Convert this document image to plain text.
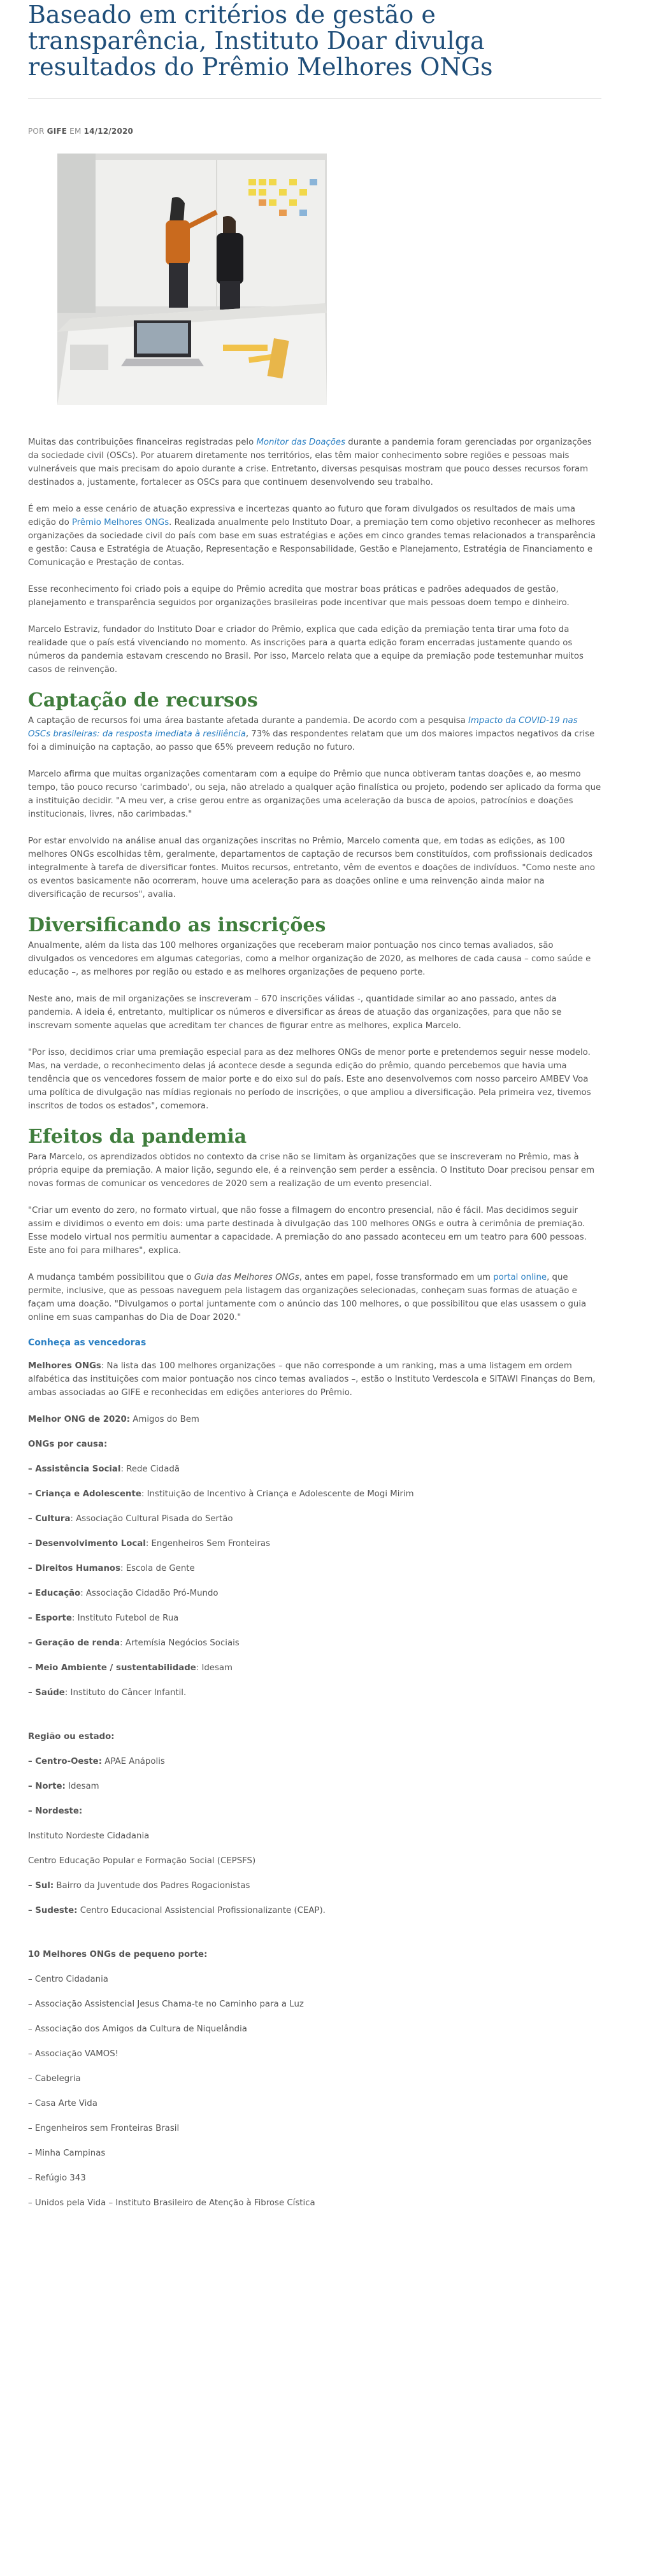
Baseado em critérios de gestão e transparência, Instituto Doar divulga resultados do Prêmio Melhores ONGs
POR GIFE EM 14/12/2020

Muitas das contribuições financeiras registradas pelo Monitor das Doações durante a pandemia foram gerenciadas por organizações da sociedade civil (OSCs). Por atuarem diretamente nos territórios, elas têm maior conhecimento sobre regiões e pessoas mais vulneráveis que mais precisam do apoio durante a crise. Entretanto, diversas pesquisas mostram que pouco desses recursos foram destinados a, justamente, fortalecer as OSCs para que continuem desenvolvendo seu trabalho.

É em meio a esse cenário de atuação expressiva e incertezas quanto ao futuro que foram divulgados os resultados de mais uma edição do Prêmio Melhores ONGs. Realizada anualmente pelo Instituto Doar, a premiação tem como objetivo reconhecer as melhores organizações da sociedade civil do país com base em suas estratégias e ações em cinco grandes temas relacionados a transparência e gestão: Causa e Estratégia de Atuação, Representação e Responsabilidade, Gestão e Planejamento, Estratégia de Financiamento e Comunicação e Prestação de contas.

Esse reconhecimento foi criado pois a equipe do Prêmio acredita que mostrar boas práticas e padrões adequados de gestão, planejamento e transparência seguidos por organizações brasileiras pode incentivar que mais pessoas doem tempo e dinheiro.

Marcelo Estraviz, fundador do Instituto Doar e criador do Prêmio, explica que cada edição da premiação tenta tirar uma foto da realidade que o país está vivenciando no momento. As inscrições para a quarta edição foram encerradas justamente quando os números da pandemia estavam crescendo no Brasil. Por isso, Marcelo relata que a equipe da premiação pode testemunhar muitos casos de reinvenção.

Captação de recursos

A captação de recursos foi uma área bastante afetada durante a pandemia. De acordo com a pesquisa Impacto da COVID-19 nas OSCs brasileiras: da resposta imediata à resiliência, 73% das respondentes relatam que um dos maiores impactos negativos da crise foi a diminuição na captação, ao passo que 65% preveem redução no futuro.

Marcelo afirma que muitas organizações comentaram com a equipe do Prêmio que nunca obtiveram tantas doações e, ao mesmo tempo, tão pouco recurso 'carimbado', ou seja, não atrelado a qualquer ação finalística ou projeto, podendo ser aplicado da forma que a instituição decidir. "A meu ver, a crise gerou entre as organizações uma aceleração da busca de apoios, patrocínios e doações institucionais, livres, não carimbadas."

Por estar envolvido na análise anual das organizações inscritas no Prêmio, Marcelo comenta que, em todas as edições, as 100 melhores ONGs escolhidas têm, geralmente, departamentos de captação de recursos bem constituídos, com profissionais dedicados integralmente à tarefa de diversificar fontes. Muitos recursos, entretanto, vêm de eventos e doações de indivíduos. "Como neste ano os eventos basicamente não ocorreram, houve uma aceleração para as doações online e uma reinvenção ainda maior na diversificação de recursos", avalia.

Diversificando as inscrições

Anualmente, além da lista das 100 melhores organizações que receberam maior pontuação nos cinco temas avaliados, são divulgados os vencedores em algumas categorias, como a melhor organização de 2020, as melhores de cada causa – como saúde e educação –, as melhores por região ou estado e as melhores organizações de pequeno porte.

Neste ano, mais de mil organizações se inscreveram – 670 inscrições válidas -, quantidade similar ao ano passado, antes da pandemia. A ideia é, entretanto, multiplicar os números e diversificar as áreas de atuação das organizações, para que não se inscrevam somente aquelas que acreditam ter chances de figurar entre as melhores, explica Marcelo.

"Por isso, decidimos criar uma premiação especial para as dez melhores ONGs de menor porte e pretendemos seguir nesse modelo. Mas, na verdade, o reconhecimento delas já acontece desde a segunda edição do prêmio, quando percebemos que havia uma tendência que os vencedores fossem de maior porte e do eixo sul do país. Este ano desenvolvemos com nosso parceiro AMBEV Voa uma política de divulgação nas mídias regionais no período de inscrições, o que ampliou a diversificação. Pela primeira vez, tivemos inscritos de todos os estados", comemora.

Efeitos da pandemia

Para Marcelo, os aprendizados obtidos no contexto da crise não se limitam às organizações que se inscreveram no Prêmio, mas à própria equipe da premiação. A maior lição, segundo ele, é a reinvenção sem perder a essência. O Instituto Doar precisou pensar em novas formas de comunicar os vencedores de 2020 sem a realização de um evento presencial.

"Criar um evento do zero, no formato virtual, que não fosse a filmagem do encontro presencial, não é fácil. Mas decidimos seguir assim e dividimos o evento em dois: uma parte destinada à divulgação das 100 melhores ONGs e outra à cerimônia de premiação. Esse modelo virtual nos permitiu aumentar a capacidade. A premiação do ano passado aconteceu em um teatro para 600 pessoas. Este ano foi para milhares", explica.

A mudança também possibilitou que o Guia das Melhores ONGs, antes em papel, fosse transformado em um portal online, que permite, inclusive, que as pessoas naveguem pela listagem das organizações selecionadas, conheçam suas formas de atuação e façam uma doação. "Divulgamos o portal juntamente com o anúncio das 100 melhores, o que possibilitou que elas usassem o guia online em suas campanhas do Dia de Doar 2020."

Conheça as vencedoras

Melhores ONGs: Na lista das 100 melhores organizações – que não corresponde a um ranking, mas a uma listagem em ordem alfabética das instituições com maior pontuação nos cinco temas avaliados –, estão o Instituto Verdescola e SITAWI Finanças do Bem, ambas associadas ao GIFE e reconhecidas em edições anteriores do Prêmio.

Melhor ONG de 2020: Amigos do Bem

ONGs por causa:

– Assistência Social: Rede Cidadã

– Criança e Adolescente: Instituição de Incentivo à Criança e Adolescente de Mogi Mirim

– Cultura: Associação Cultural Pisada do Sertão

– Desenvolvimento Local: Engenheiros Sem Fronteiras

– Direitos Humanos: Escola de Gente

– Educação: Associação Cidadão Pró-Mundo

– Esporte: Instituto Futebol de Rua

– Geração de renda: Artemísia Negócios Sociais

– Meio Ambiente / sustentabilidade: Idesam

– Saúde: Instituto do Câncer Infantil.

Região ou estado:

– Centro-Oeste: APAE Anápolis

– Norte: Idesam

– Nordeste:

Instituto Nordeste Cidadania

Centro Educação Popular e Formação Social (CEPSFS)

– Sul: Bairro da Juventude dos Padres Rogacionistas

– Sudeste: Centro Educacional Assistencial Profissionalizante (CEAP).

10 Melhores ONGs de pequeno porte:

– Centro Cidadania

– Associação Assistencial Jesus Chama-te no Caminho para a Luz

– Associação dos Amigos da Cultura de Niquelândia

– Associação VAMOS!

– Cabelegria

– Casa Arte Vida

– Engenheiros sem Fronteiras Brasil

– Minha Campinas

– Refúgio 343

– Unidos pela Vida – Instituto Brasileiro de Atenção à Fibrose Cística
